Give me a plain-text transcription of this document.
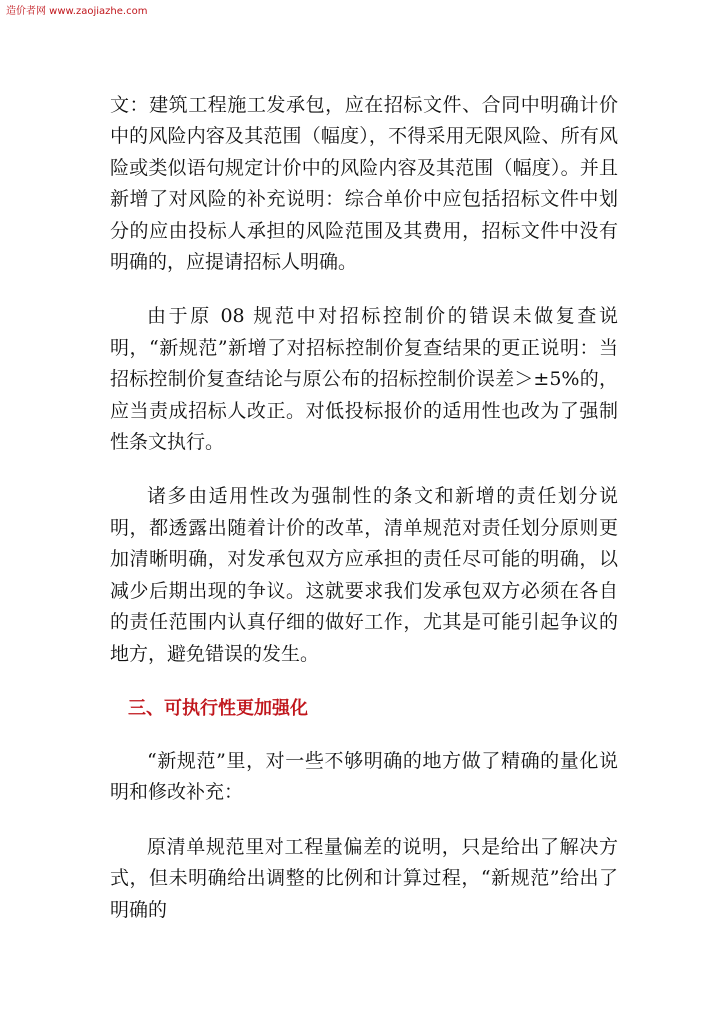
造价者网 www.zaojiazhe.com

文：建筑工程施工发承包，应在招标文件、合同中明确计价中的风险内容及其范围（幅度），不得采用无限风险、所有风险或类似语句规定计价中的风险内容及其范围（幅度）。并且新增了对风险的补充说明：综合单价中应包括招标文件中划分的应由投标人承担的风险范围及其费用，招标文件中没有明确的，应提请招标人明确。

由于原 08 规范中对招标控制价的错误未做复查说明，“新规范”新增了对招标控制价复查结果的更正说明：当招标控制价复查结论与原公布的招标控制价误差＞±5%的，应当责成招标人改正。对低投标报价的适用性也改为了强制性条文执行。

诸多由适用性改为强制性的条文和新增的责任划分说明，都透露出随着计价的改革，清单规范对责任划分原则更加清晰明确，对发承包双方应承担的责任尽可能的明确，以减少后期出现的争议。这就要求我们发承包双方必须在各自的责任范围内认真仔细的做好工作，尤其是可能引起争议的地方，避免错误的发生。

三、可执行性更加强化

“新规范”里，对一些不够明确的地方做了精确的量化说明和修改补充：

原清单规范里对工程量偏差的说明，只是给出了解决方式，但未明确给出调整的比例和计算过程，“新规范”给出了明确的
